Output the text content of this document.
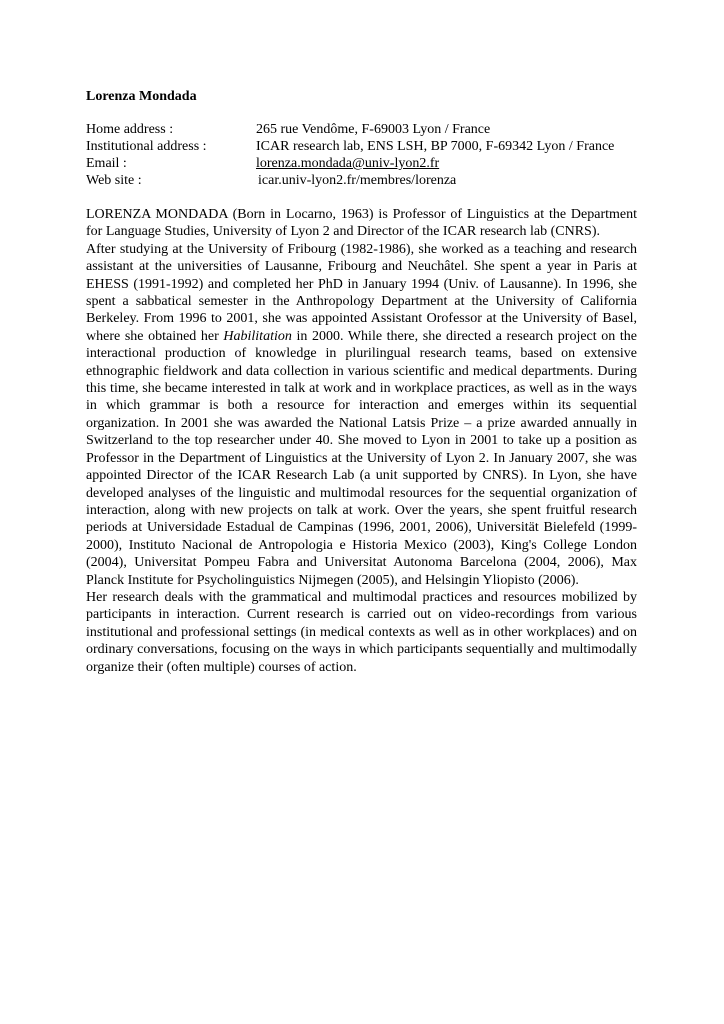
Lorenza Mondada
Home address :	265 rue Vendôme, F-69003 Lyon / France
Institutional address :	ICAR research lab, ENS LSH, BP 7000, F-69342 Lyon / France
Email :	lorenza.mondada@univ-lyon2.fr
Web site :	icar.univ-lyon2.fr/membres/lorenza

LORENZA MONDADA (Born in Locarno, 1963) is Professor of Linguistics at the Department for Language Studies, University of Lyon 2 and Director of the ICAR research lab (CNRS).

After studying at the University of Fribourg (1982-1986), she worked as a teaching and research assistant at the universities of Lausanne, Fribourg and Neuchâtel. She spent a year in Paris at EHESS (1991-1992) and completed her PhD in January 1994 (Univ. of Lausanne). In 1996, she spent a sabbatical semester in the Anthropology Department at the University of California Berkeley. From 1996 to 2001, she was appointed Assistant Orofessor at the University of Basel, where she obtained her Habilitation in 2000. While there, she directed a research project on the interactional production of knowledge in plurilingual research teams, based on extensive ethnographic fieldwork and data collection in various scientific and medical departments. During this time, she became interested in talk at work and in workplace practices, as well as in the ways in which grammar is both a resource for interaction and emerges within its sequential organization. In 2001 she was awarded the National Latsis Prize – a prize awarded annually in Switzerland to the top researcher under 40. She moved to Lyon in 2001 to take up a position as Professor in the Department of Linguistics at the University of Lyon 2. In January 2007, she was appointed Director of the ICAR Research Lab (a unit supported by CNRS). In Lyon, she have developed analyses of the linguistic and multimodal resources for the sequential organization of interaction, along with new projects on talk at work. Over the years, she spent fruitful research periods at Universidade Estadual de Campinas (1996, 2001, 2006), Universität Bielefeld (1999-2000), Instituto Nacional de Antropologia e Historia Mexico (2003), King's College London (2004), Universitat Pompeu Fabra and Universitat Autonoma Barcelona (2004, 2006), Max Planck Institute for Psycholinguistics Nijmegen (2005), and Helsingin Yliopisto (2006).

Her research deals with the grammatical and multimodal practices and resources mobilized by participants in interaction. Current research is carried out on video-recordings from various institutional and professional settings (in medical contexts as well as in other workplaces) and on ordinary conversations, focusing on the ways in which participants sequentially and multimodally organize their (often multiple) courses of action.
